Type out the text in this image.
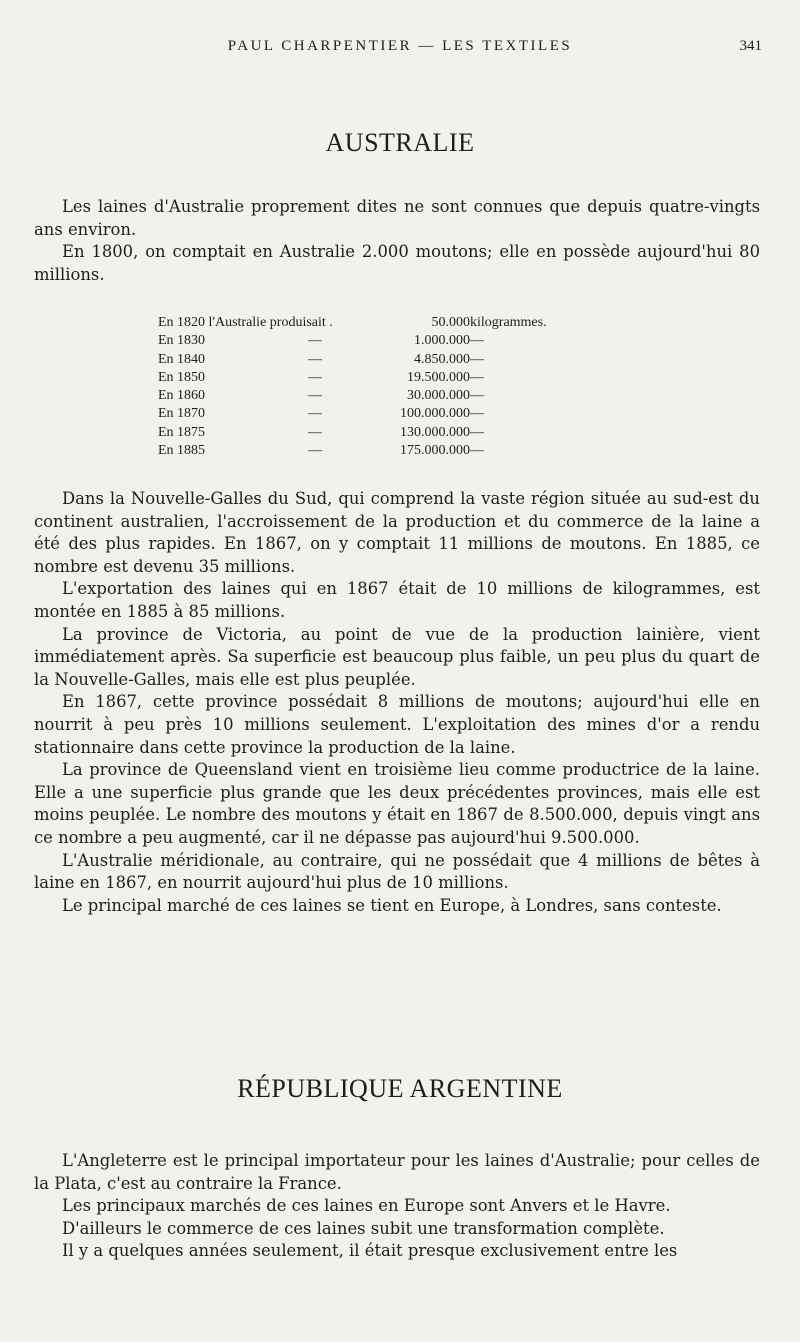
PAUL CHARPENTIER — LES TEXTILES	341
AUSTRALIE

Les laines d'Australie proprement dites ne sont connues que depuis quatre-vingts ans environ.

En 1800, on comptait en Australie 2.000 moutons; elle en possède aujourd'hui 80 millions.

En 1820 l'Australie produisait .	50.000	kilogrammes.
En 1830 —	1.000.000	—
En 1840 —	4.850.000	—
En 1850 —	19.500.000	—
En 1860 —	30.000.000	—
En 1870 —	100.000.000	—
En 1875 —	130.000.000	—
En 1885 —	175.000.000	—

Dans la Nouvelle-Galles du Sud, qui comprend la vaste région située au sud-est du continent australien, l'accroissement de la production et du commerce de la laine a été des plus rapides. En 1867, on y comptait 11 millions de moutons. En 1885, ce nombre est devenu 35 millions.

L'exportation des laines qui en 1867 était de 10 millions de kilogrammes, est montée en 1885 à 85 millions.

La province de Victoria, au point de vue de la production lainière, vient immédiatement après. Sa superficie est beaucoup plus faible, un peu plus du quart de la Nouvelle-Galles, mais elle est plus peuplée.

En 1867, cette province possédait 8 millions de moutons; aujourd'hui elle en nourrit à peu près 10 millions seulement. L'exploitation des mines d'or a rendu stationnaire dans cette province la production de la laine.

La province de Queensland vient en troisième lieu comme productrice de la laine. Elle a une superficie plus grande que les deux précédentes provinces, mais elle est moins peuplée. Le nombre des moutons y était en 1867 de 8.500.000, depuis vingt ans ce nombre a peu augmenté, car il ne dépasse pas aujourd'hui 9.500.000.

L'Australie méridionale, au contraire, qui ne possédait que 4 millions de bêtes à laine en 1867, en nourrit aujourd'hui plus de 10 millions.

Le principal marché de ces laines se tient en Europe, à Londres, sans conteste.

RÉPUBLIQUE ARGENTINE

L'Angleterre est le principal importateur pour les laines d'Australie; pour celles de la Plata, c'est au contraire la France.

Les principaux marchés de ces laines en Europe sont Anvers et le Havre.

D'ailleurs le commerce de ces laines subit une transformation complète.

Il y a quelques années seulement, il était presque exclusivement entre les
